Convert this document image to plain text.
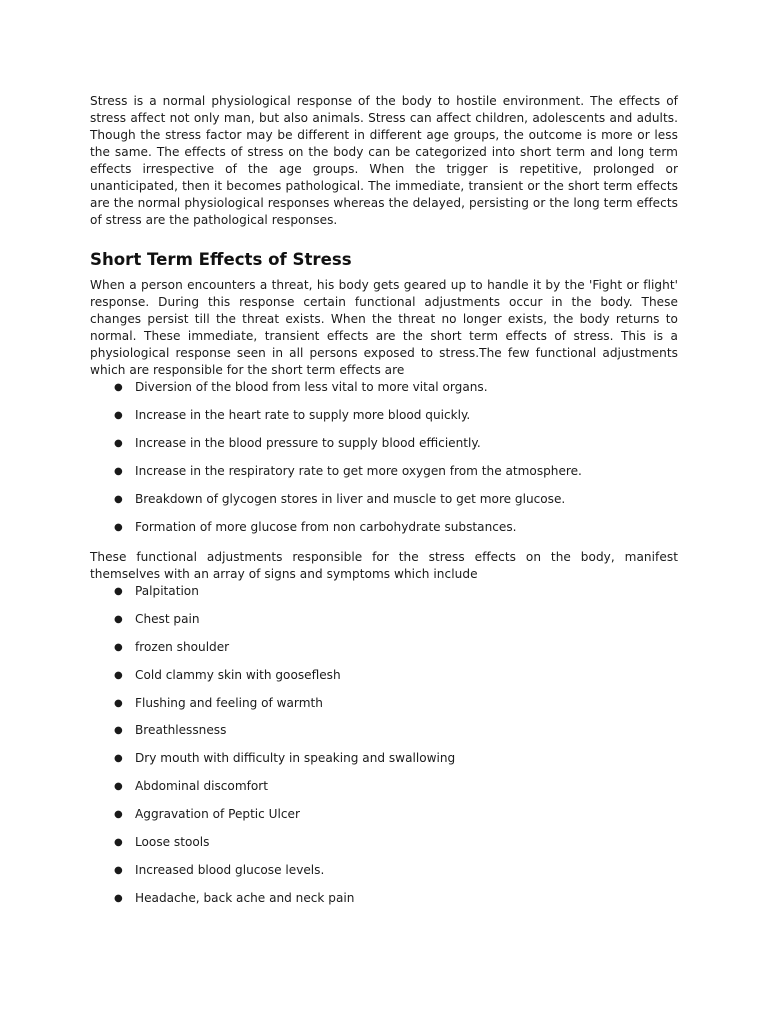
Stress is a normal physiological response of the body to hostile environment. The effects of stress affect not only man, but also animals. Stress can affect children, adolescents and adults. Though the stress factor may be different in different age groups, the outcome is more or less the same. The effects of stress on the body can be categorized into short term and long term effects irrespective of the age groups. When the trigger is repetitive, prolonged or unanticipated, then it becomes pathological. The immediate, transient or the short term effects are the normal physiological responses whereas the delayed, persisting or the long term effects of stress are the pathological responses.

Short Term Effects of Stress

When a person encounters a threat, his body gets geared up to handle it by the 'Fight or flight' response. During this response certain functional adjustments occur in the body. These changes persist till the threat exists. When the threat no longer exists, the body returns to normal. These immediate, transient effects are the short term effects of stress. This is a physiological response seen in all persons exposed to stress.The few functional adjustments which are responsible for the short term effects are

● Diversion of the blood from less vital to more vital organs.
● Increase in the heart rate to supply more blood quickly.
● Increase in the blood pressure to supply blood efficiently.
● Increase in the respiratory rate to get more oxygen from the atmosphere.
● Breakdown of glycogen stores in liver and muscle to get more glucose.
● Formation of more glucose from non carbohydrate substances.

These functional adjustments responsible for the stress effects on the body, manifest themselves with an array of signs and symptoms which include

● Palpitation
● Chest pain
● frozen shoulder
● Cold clammy skin with gooseflesh
● Flushing and feeling of warmth
● Breathlessness
● Dry mouth with difficulty in speaking and swallowing
● Abdominal discomfort
● Aggravation of Peptic Ulcer
● Loose stools
● Increased blood glucose levels.
● Headache, back ache and neck pain
